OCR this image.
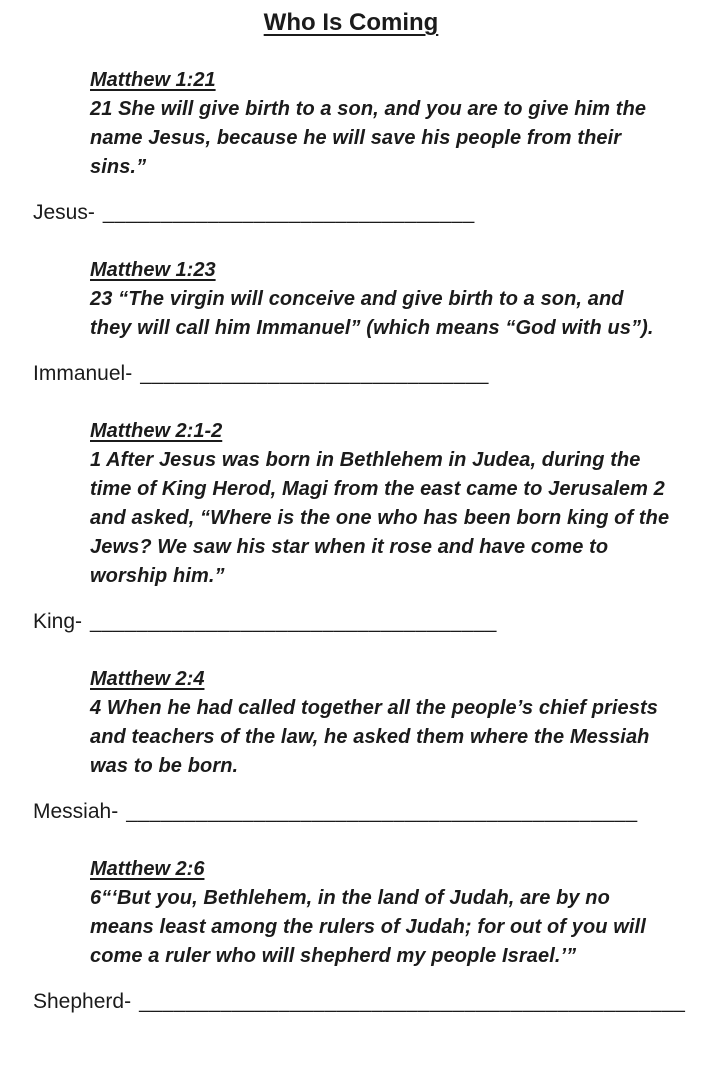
Who Is Coming
Matthew 1:21
21 She will give birth to a son, and you are to give him the name Jesus, because he will save his people from their sins.”
Jesus- ________________________________
Matthew 1:23
23 “The virgin will conceive and give birth to a son, and they will call him Immanuel” (which means “God with us”).
Immanuel- ______________________________
Matthew 2:1-2
1 After Jesus was born in Bethlehem in Judea, during the time of King Herod, Magi from the east came to Jerusalem 2 and asked, “Where is the one who has been born king of the Jews? We saw his star when it rose and have come to worship him.”
King- ___________________________________
Matthew 2:4
4 When he had called together all the people’s chief priests and teachers of the law, he asked them where the Messiah was to be born.
Messiah- ____________________________________________
Matthew 2:6
6“‘But you, Bethlehem, in the land of Judah, are by no means least among the rulers of Judah; for out of you will come a ruler who will shepherd my people Israel.’”
Shepherd- _______________________________________________
